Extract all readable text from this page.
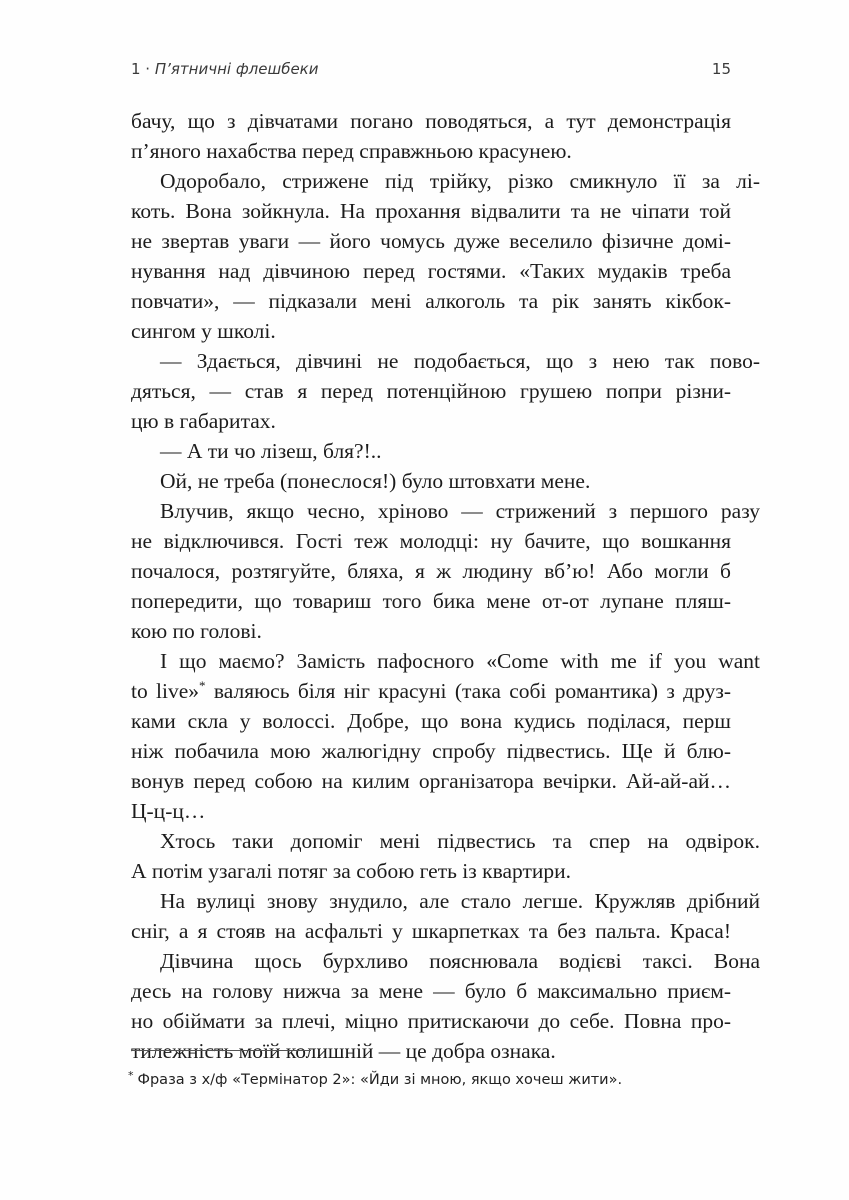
1 · П’ятничні флешбеки	15
бачу, що з дівчатами погано поводяться, а тут демонстрація
п’яного нахабства перед справжньою красунею.
Одоробало, стрижене під трійку, різко смикнуло її за лі-
коть. Вона зойкнула. На прохання відвалити та не чіпати той
не звертав уваги — його чомусь дуже веселило фізичне домі-
нування над дівчиною перед гостями. «Таких мудаків треба
повчати», — підказали мені алкоголь та рік занять кікбок-
сингом у школі.
— Здається, дівчині не подобається, що з нею так пово-
дяться, — став я перед потенційною грушею попри різни-
цю в габаритах.
— А ти чо лізеш, бля?!..
Ой, не треба (понеслося!) було штовхати мене.
Влучив, якщо чесно, хріново — стрижений з першого разу
не відключився. Гості теж молодці: ну бачите, що вошкання
почалося, розтягуйте, бляха, я ж людину вб’ю! Або могли б
попередити, що товариш того бика мене от-от лупане пляш-
кою по голові.
І що маємо? Замість пафосного «Come with me if you want
to live»* валяюсь біля ніг красуні (така собі романтика) з друз-
ками скла у волоссі. Добре, що вона кудись поділася, перш
ніж побачила мою жалюгідну спробу підвестись. Ще й блю-
вонув перед собою на килим організатора вечірки. Ай-ай-ай…
Ц-ц-ц…
Хтось таки допоміг мені підвестись та спер на одвірок.
А потім узагалі потяг за собою геть із квартири.
На вулиці знову знудило, але стало легше. Кружляв дрібний
сніг, а я стояв на асфальті у шкарпетках та без пальта. Краса!
Дівчина щось бурхливо пояснювала водієві таксі. Вона
десь на голову нижча за мене — було б максимально приєм-
но обіймати за плечі, міцно притискаючи до себе. Повна про-
тилежність моїй колишній — це добра ознака.
* Фраза з х/ф «Термінатор 2»: «Йди зі мною, якщо хочеш жити».
